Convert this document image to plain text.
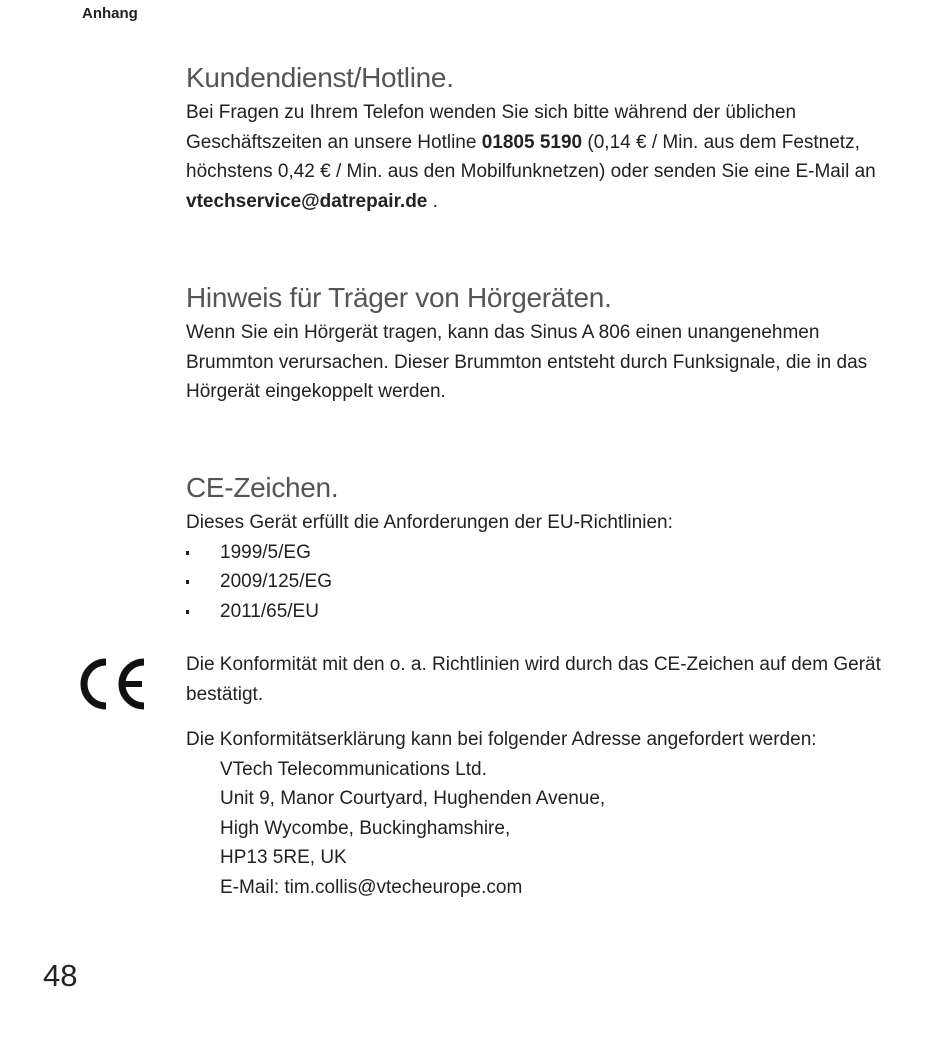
Anhang
Kundendienst/Hotline.

Bei Fragen zu Ihrem Telefon wenden Sie sich bitte während der üblichen Geschäftszeiten an unsere Hotline 01805 5190 (0,14 € / Min. aus dem Festnetz, höchstens 0,42 € / Min. aus den Mobilfunknetzen) oder senden Sie eine E-Mail an vtechservice@datrepair.de .

Hinweis für Träger von Hörgeräten.

Wenn Sie ein Hörgerät tragen, kann das Sinus A 806 einen unangenehmen Brummton verursachen. Dieser Brummton entsteht durch Funksignale, die in das Hörgerät eingekoppelt werden.

CE-Zeichen.

Dieses Gerät erfüllt die Anforderungen der EU-Richtlinien:

1999/5/EG
2009/125/EG
2011/65/EU

Die Konformität mit den o. a. Richtlinien wird durch das CE-Zeichen auf dem Gerät bestätigt.

Die Konformitätserklärung kann bei folgender Adresse angefordert werden:

VTech Telecommunications Ltd.
Unit 9, Manor Courtyard, Hughenden Avenue,
High Wycombe, Buckinghamshire,
HP13 5RE, UK
E-Mail: tim.collis@vtecheurope.com
48
